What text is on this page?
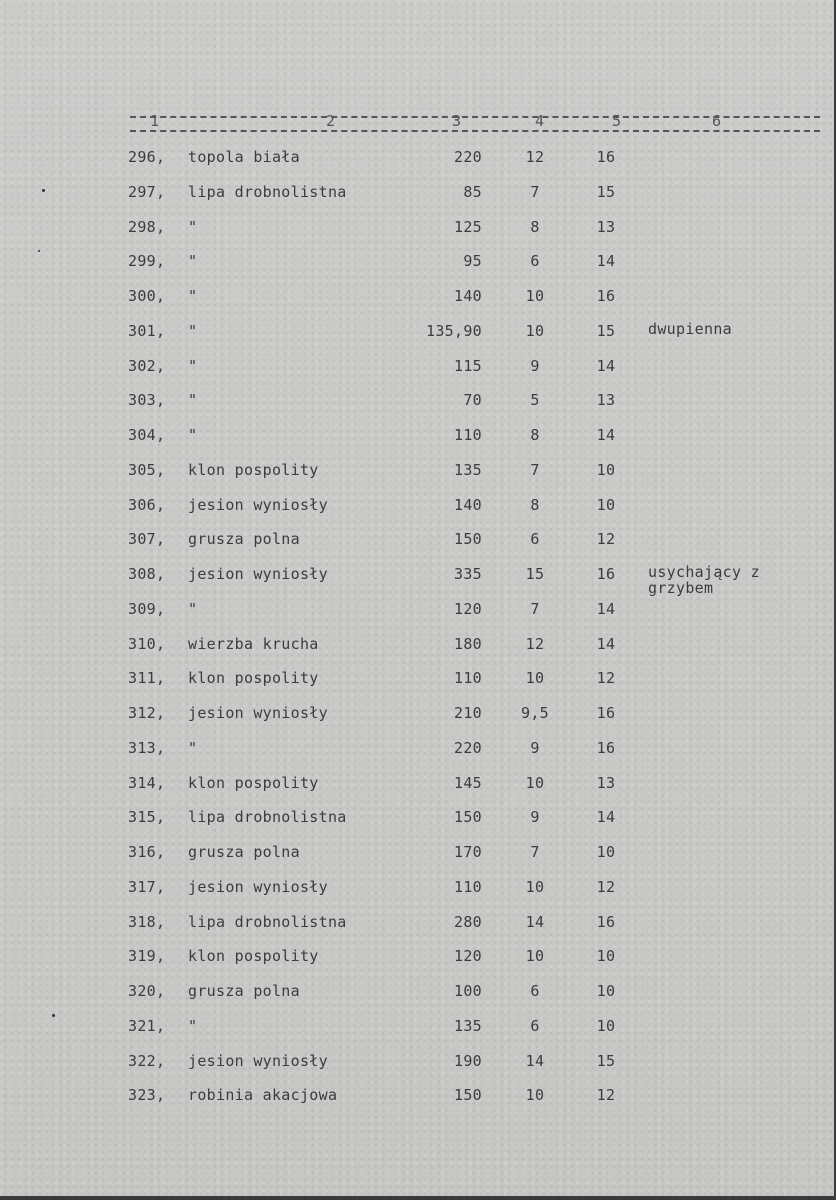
1	2	3	4	5	6
296, topola biała	220	12	16
297, lipa drobnolistna	85	7	15
298, "	125	8	13
299, "	95	6	14
300, "	140	10	16
301, "	135,90	10	15	dwupienna
302, "	115	9	14
303, "	70	5	13
304, "	110	8	14
305, klon pospolity	135	7	10
306, jesion wyniosły	140	8	10
307, grusza polna	150	6	12
308, jesion wyniosły	335	15	16	usychający z
grzybem
309, "	120	7	14
310, wierzba krucha	180	12	14
311, klon pospolity	110	10	12
312, jesion wyniosły	210	9,5	16
313, "	220	9	16
314, klon pospolity	145	10	13
315, lipa drobnolistna	150	9	14
316, grusza polna	170	7	10
317, jesion wyniosły	110	10	12
318, lipa drobnolistna	280	14	16
319, klon pospolity	120	10	10
320, grusza polna	100	6	10
321, "	135	6	10
322, jesion wyniosły	190	14	15
323, robinia akacjowa	150	10	12
